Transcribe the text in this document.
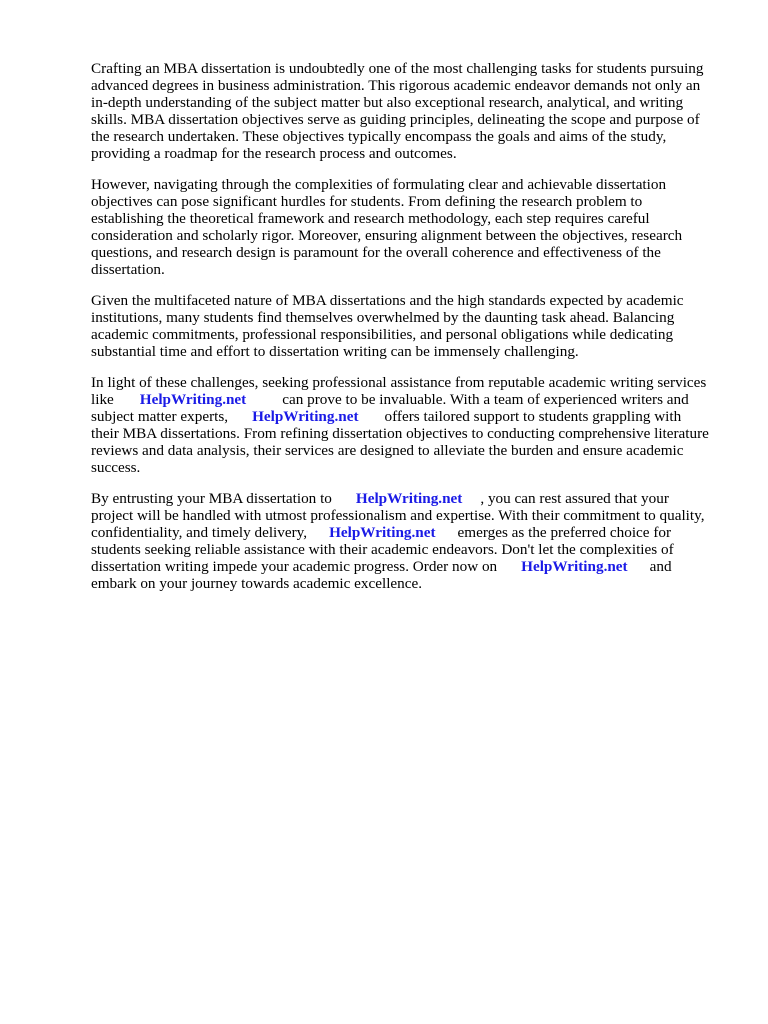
Crafting an MBA dissertation is undoubtedly one of the most challenging tasks for students pursuing
advanced degrees in business administration. This rigorous academic endeavor demands not only an
in-depth understanding of the subject matter but also exceptional research, analytical, and writing
skills. MBA dissertation objectives serve as guiding principles, delineating the scope and purpose of
the research undertaken. These objectives typically encompass the goals and aims of the study,
providing a roadmap for the research process and outcomes.

However, navigating through the complexities of formulating clear and achievable dissertation
objectives can pose significant hurdles for students. From defining the research problem to
establishing the theoretical framework and research methodology, each step requires careful
consideration and scholarly rigor. Moreover, ensuring alignment between the objectives, research
questions, and research design is paramount for the overall coherence and effectiveness of the
dissertation.

Given the multifaceted nature of MBA dissertations and the high standards expected by academic
institutions, many students find themselves overwhelmed by the daunting task ahead. Balancing
academic commitments, professional responsibilities, and personal obligations while dedicating
substantial time and effort to dissertation writing can be immensely challenging.

In light of these challenges, seeking professional assistance from reputable academic writing services
like HelpWriting.net can prove to be invaluable. With a team of experienced writers and
subject matter experts, HelpWriting.net offers tailored support to students grappling with
their MBA dissertations. From refining dissertation objectives to conducting comprehensive literature
reviews and data analysis, their services are designed to alleviate the burden and ensure academic
success.

By entrusting your MBA dissertation to HelpWriting.net , you can rest assured that your
project will be handled with utmost professionalism and expertise. With their commitment to quality,
confidentiality, and timely delivery, HelpWriting.net emerges as the preferred choice for
students seeking reliable assistance with their academic endeavors. Don't let the complexities of
dissertation writing impede your academic progress. Order now on HelpWriting.net and
embark on your journey towards academic excellence.
